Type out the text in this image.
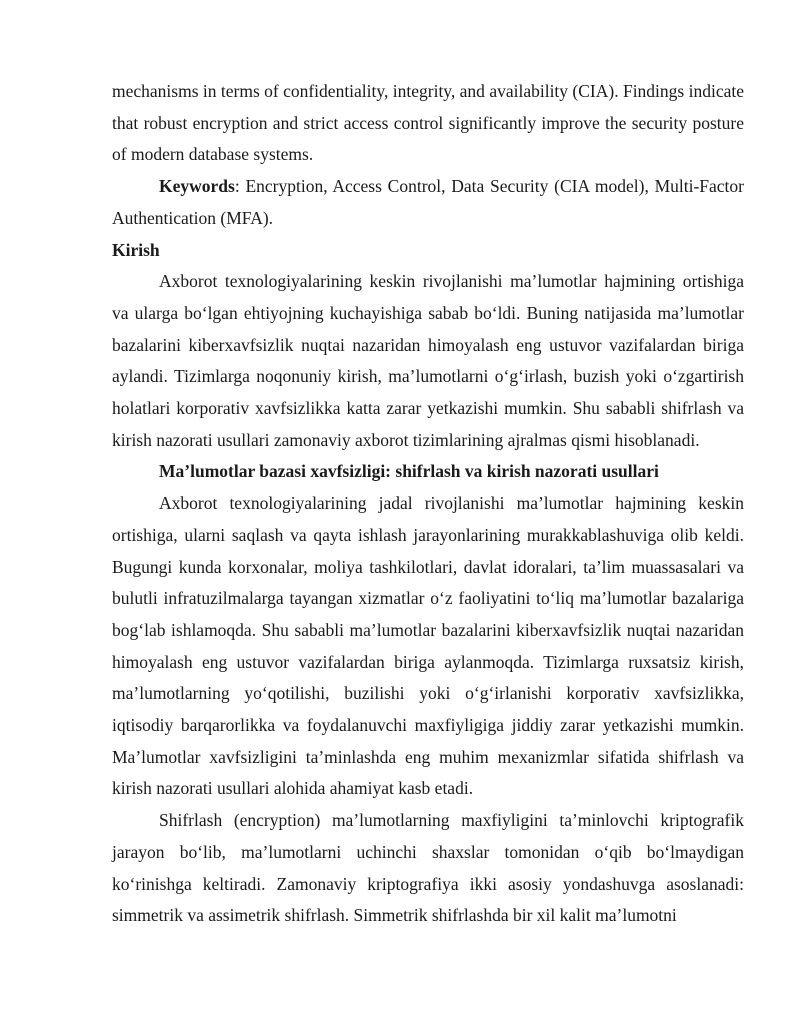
mechanisms in terms of confidentiality, integrity, and availability (CIA). Findings indicate that robust encryption and strict access control significantly improve the security posture of modern database systems.

Keywords: Encryption, Access Control, Data Security (CIA model), Multi-Factor Authentication (MFA).

Kirish

Axborot texnologiyalarining keskin rivojlanishi ma’lumotlar hajmining ortishiga va ularga bo‘lgan ehtiyojning kuchayishiga sabab bo‘ldi. Buning natijasida ma’lumotlar bazalarini kiberxavfsizlik nuqtai nazaridan himoyalash eng ustuvor vazifalardan biriga aylandi. Tizimlarga noqonuniy kirish, ma’lumotlarni o‘g‘irlash, buzish yoki o‘zgartirish holatlari korporativ xavfsizlikka katta zarar yetkazishi mumkin. Shu sababli shifrlash va kirish nazorati usullari zamonaviy axborot tizimlarining ajralmas qismi hisoblanadi.

Ma’lumotlar bazasi xavfsizligi: shifrlash va kirish nazorati usullari

Axborot texnologiyalarining jadal rivojlanishi ma’lumotlar hajmining keskin ortishiga, ularni saqlash va qayta ishlash jarayonlarining murakkablashuviga olib keldi. Bugungi kunda korxonalar, moliya tashkilotlari, davlat idoralari, ta’lim muassasalari va bulutli infratuzilmalarga tayangan xizmatlar o‘z faoliyatini to‘liq ma’lumotlar bazalariga bog‘lab ishlamoqda. Shu sababli ma’lumotlar bazalarini kiberxavfsizlik nuqtai nazaridan himoyalash eng ustuvor vazifalardan biriga aylanmoqda. Tizimlarga ruxsatsiz kirish, ma’lumotlarning yo‘qotilishi, buzilishi yoki o‘g‘irlanishi korporativ xavfsizlikka, iqtisodiy barqarorlikka va foydalanuvchi maxfiyligiga jiddiy zarar yetkazishi mumkin. Ma’lumotlar xavfsizligini ta’minlashda eng muhim mexanizmlar sifatida shifrlash va kirish nazorati usullari alohida ahamiyat kasb etadi.

Shifrlash (encryption) ma’lumotlarning maxfiyligini ta’minlovchi kriptografik jarayon bo‘lib, ma’lumotlarni uchinchi shaxslar tomonidan o‘qib bo‘lmaydigan ko‘rinishga keltiradi. Zamonaviy kriptografiya ikki asosiy yondashuvga asoslanadi: simmetrik va assimetrik shifrlash. Simmetrik shifrlashda bir xil kalit ma’lumotni
